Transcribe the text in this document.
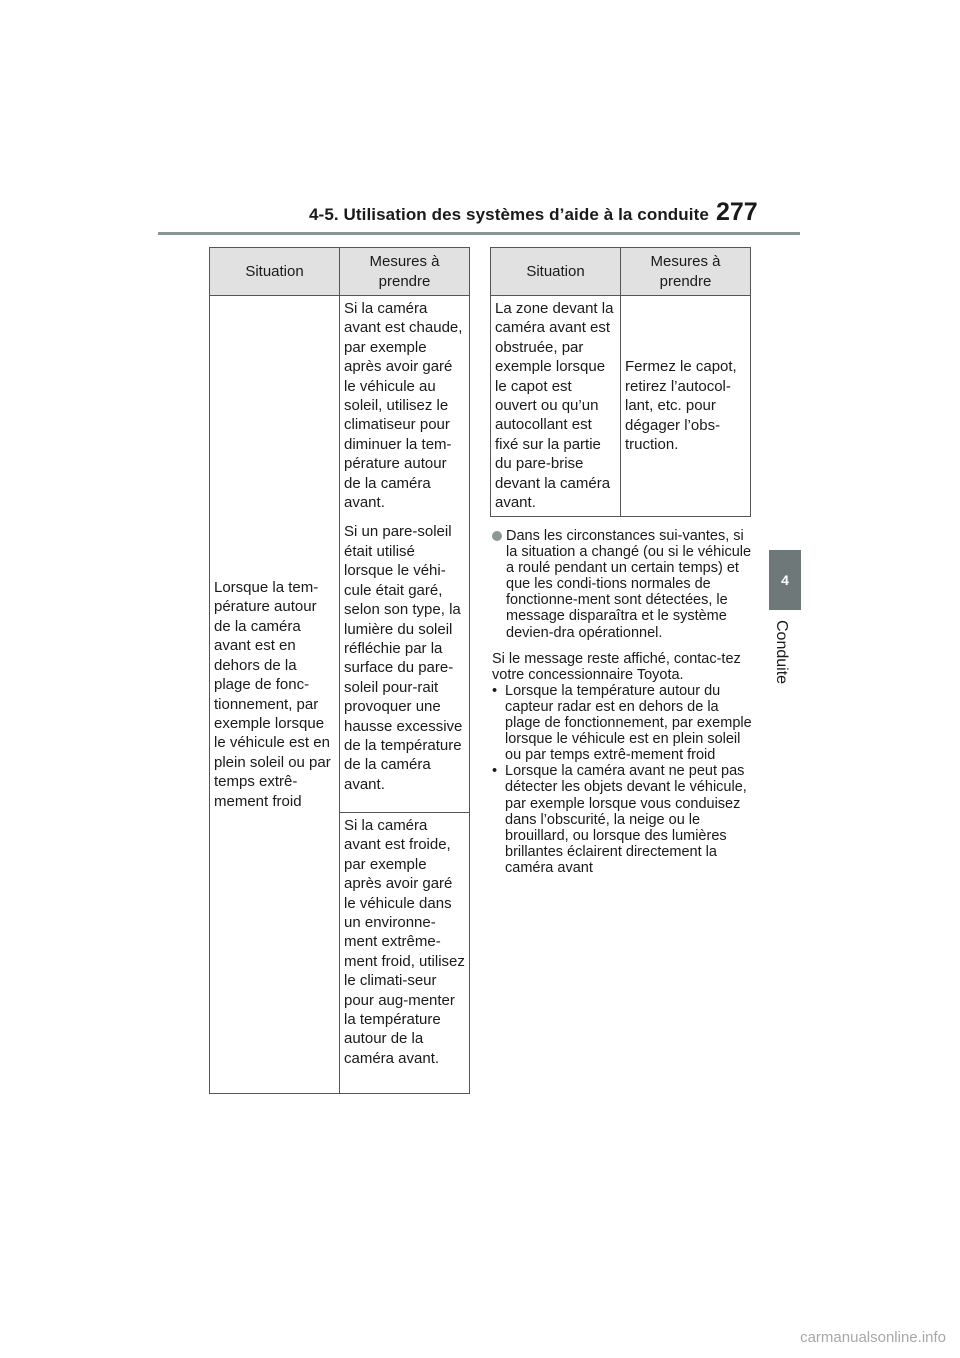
4-5. Utilisation des systèmes d’aide à la conduite 277
4
Conduite
Situation	Mesures à prendre

Lorsque la tem-pérature autour de la caméra avant est en dehors de la plage de fonc-tionnement, par exemple lorsque le véhicule est en plein soleil ou par temps extrê-mement froid	Si la caméra avant est chaude, par exemple après avoir garé le véhicule au soleil, utilisez le climatiseur pour diminuer la tem-pérature autour de la caméra avant.
Si un pare-soleil était utilisé lorsque le véhi-cule était garé, selon son type, la lumière du soleil réfléchie par la surface du pare-soleil pour-rait provoquer une hausse excessive de la température de la caméra avant.

	Si la caméra avant est froide, par exemple après avoir garé le véhicule dans un environne-ment extrême-ment froid, utilisez le climati-seur pour aug-menter la température autour de la caméra avant.
Situation	Mesures à prendre

La zone devant la caméra avant est obstruée, par exemple lorsque le capot est ouvert ou qu’un autocollant est fixé sur la partie du pare-brise devant la caméra avant.	Fermez le capot, retirez l’autocol-lant, etc. pour dégager l’obs-truction.
Dans les circonstances sui-vantes, si la situation a changé (ou si le véhicule a roulé pendant un certain temps) et que les condi-tions normales de fonctionne-ment sont détectées, le message disparaîtra et le système devien-dra opérationnel.
Si le message reste affiché, contac-tez votre concessionnaire Toyota.
• Lorsque la température autour du capteur radar est en dehors de la plage de fonctionnement, par exemple lorsque le véhicule est en plein soleil ou par temps extrê-mement froid
• Lorsque la caméra avant ne peut pas détecter les objets devant le véhicule, par exemple lorsque vous conduisez dans l’obscurité, la neige ou le brouillard, ou lorsque des lumières brillantes éclairent directement la caméra avant
carmanualsonline.info
